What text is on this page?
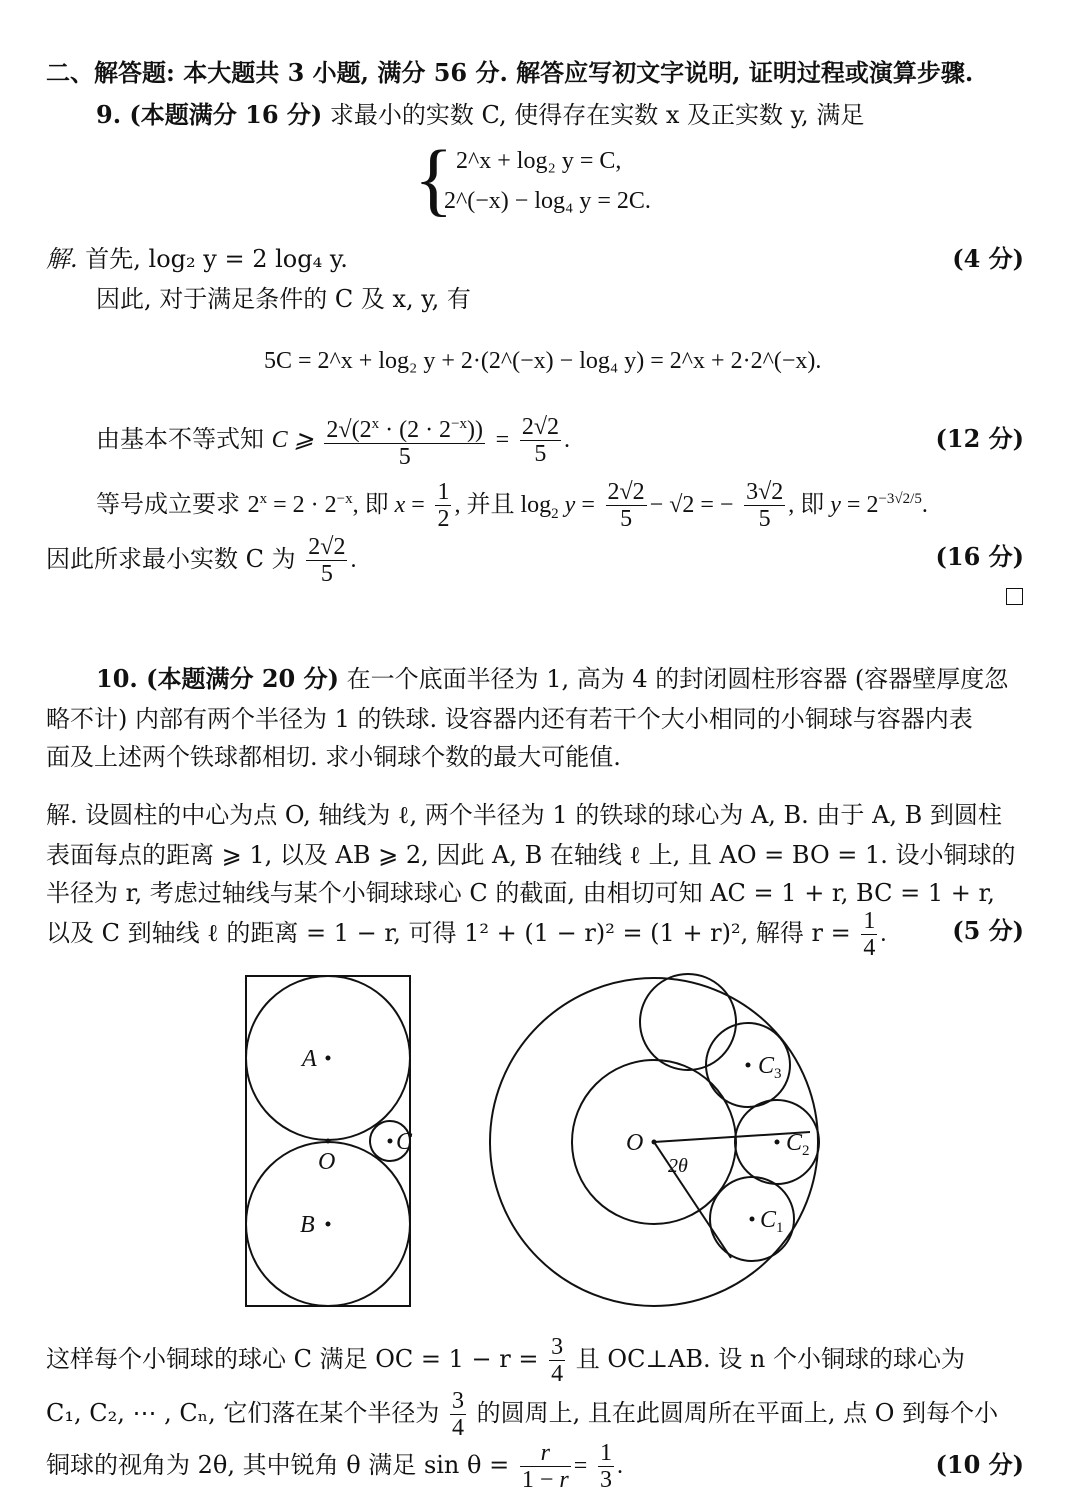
二、解答题: 本大题共 3 小题, 满分 56 分. 解答应写初文字说明, 证明过程或演算步骤.
9. (本题满分 16 分) 求最小的实数 C, 使得存在实数 x 及正实数 y, 满足
{ 2^x + log₂ y = C,
2^(−x) − log₄ y = 2C.
解. 首先, log₂ y = 2 log₄ y.	(4 分)
因此, 对于满足条件的 C 及 x, y, 有
5C = 2^x + log₂ y + 2·(2^(−x) − log₄ y) = 2^x + 2·2^(−x).
由基本不等式知 C ⩾ $\frac{2√(2^x \cdot (2 \cdot 2^{-x}))}{5} = \frac{2√2}{5}$ .	(12 分)
等号成立要求 $2^x = 2 \cdot 2^{-x}$, 即 $x = \frac{1}{2}$ , 并且 $\log_2 y = \frac{2√2}{5} - √2$ = − $\frac{3√2}{5}$ , 即 $y = 2^{-3√2/5}$.
因此所求最小实数 C 为 $\frac{2√2}{5}$ .	(16 分)
10. (本题满分 20 分) 在一个底面半径为 1, 高为 4 的封闭圆柱形容器 (容器壁厚度忽
略不计) 内部有两个半径为 1 的铁球. 设容器内还有若干个大小相同的小铜球与容器内表
面及上述两个铁球都相切. 求小铜球个数的最大可能值.
解. 设圆柱的中心为点 O, 轴线为 ℓ, 两个半径为 1 的铁球的球心为 A, B. 由于 A, B 到圆柱
表面每点的距离 ⩾ 1, 以及 AB ⩾ 2, 因此 A, B 在轴线 ℓ 上, 且 AO = BO = 1. 设小铜球的
半径为 r, 考虑过轴线与某个小铜球球心 C 的截面, 由相切可知 AC = 1 + r, BC = 1 + r,
以及 C 到轴线 ℓ 的距离 = 1 − r, 可得 1² + (1 − r)² = (1 + r)², 解得 $r = \frac{1}{4}$ .	(5 分)
A
O
B
C	O
2θ
$C_1$
$C_2$
$C_3$
这样每个小铜球的球心 C 满足 OC = $1 - r = \frac{3}{4}$ 且 OC⊥AB. 设 n 个小铜球的球心为
C₁, C₂, ⋯ , Cₙ, 它们落在某个半径为 $\frac{3}{4}$ 的圆周上, 且在此圆周所在平面上, 点 O 到每个小
铜球的视角为 2θ, 其中锐角 θ 满足 $\sin \theta = \frac{r}{1 - r} = \frac{1}{3}$ .	(10 分)
